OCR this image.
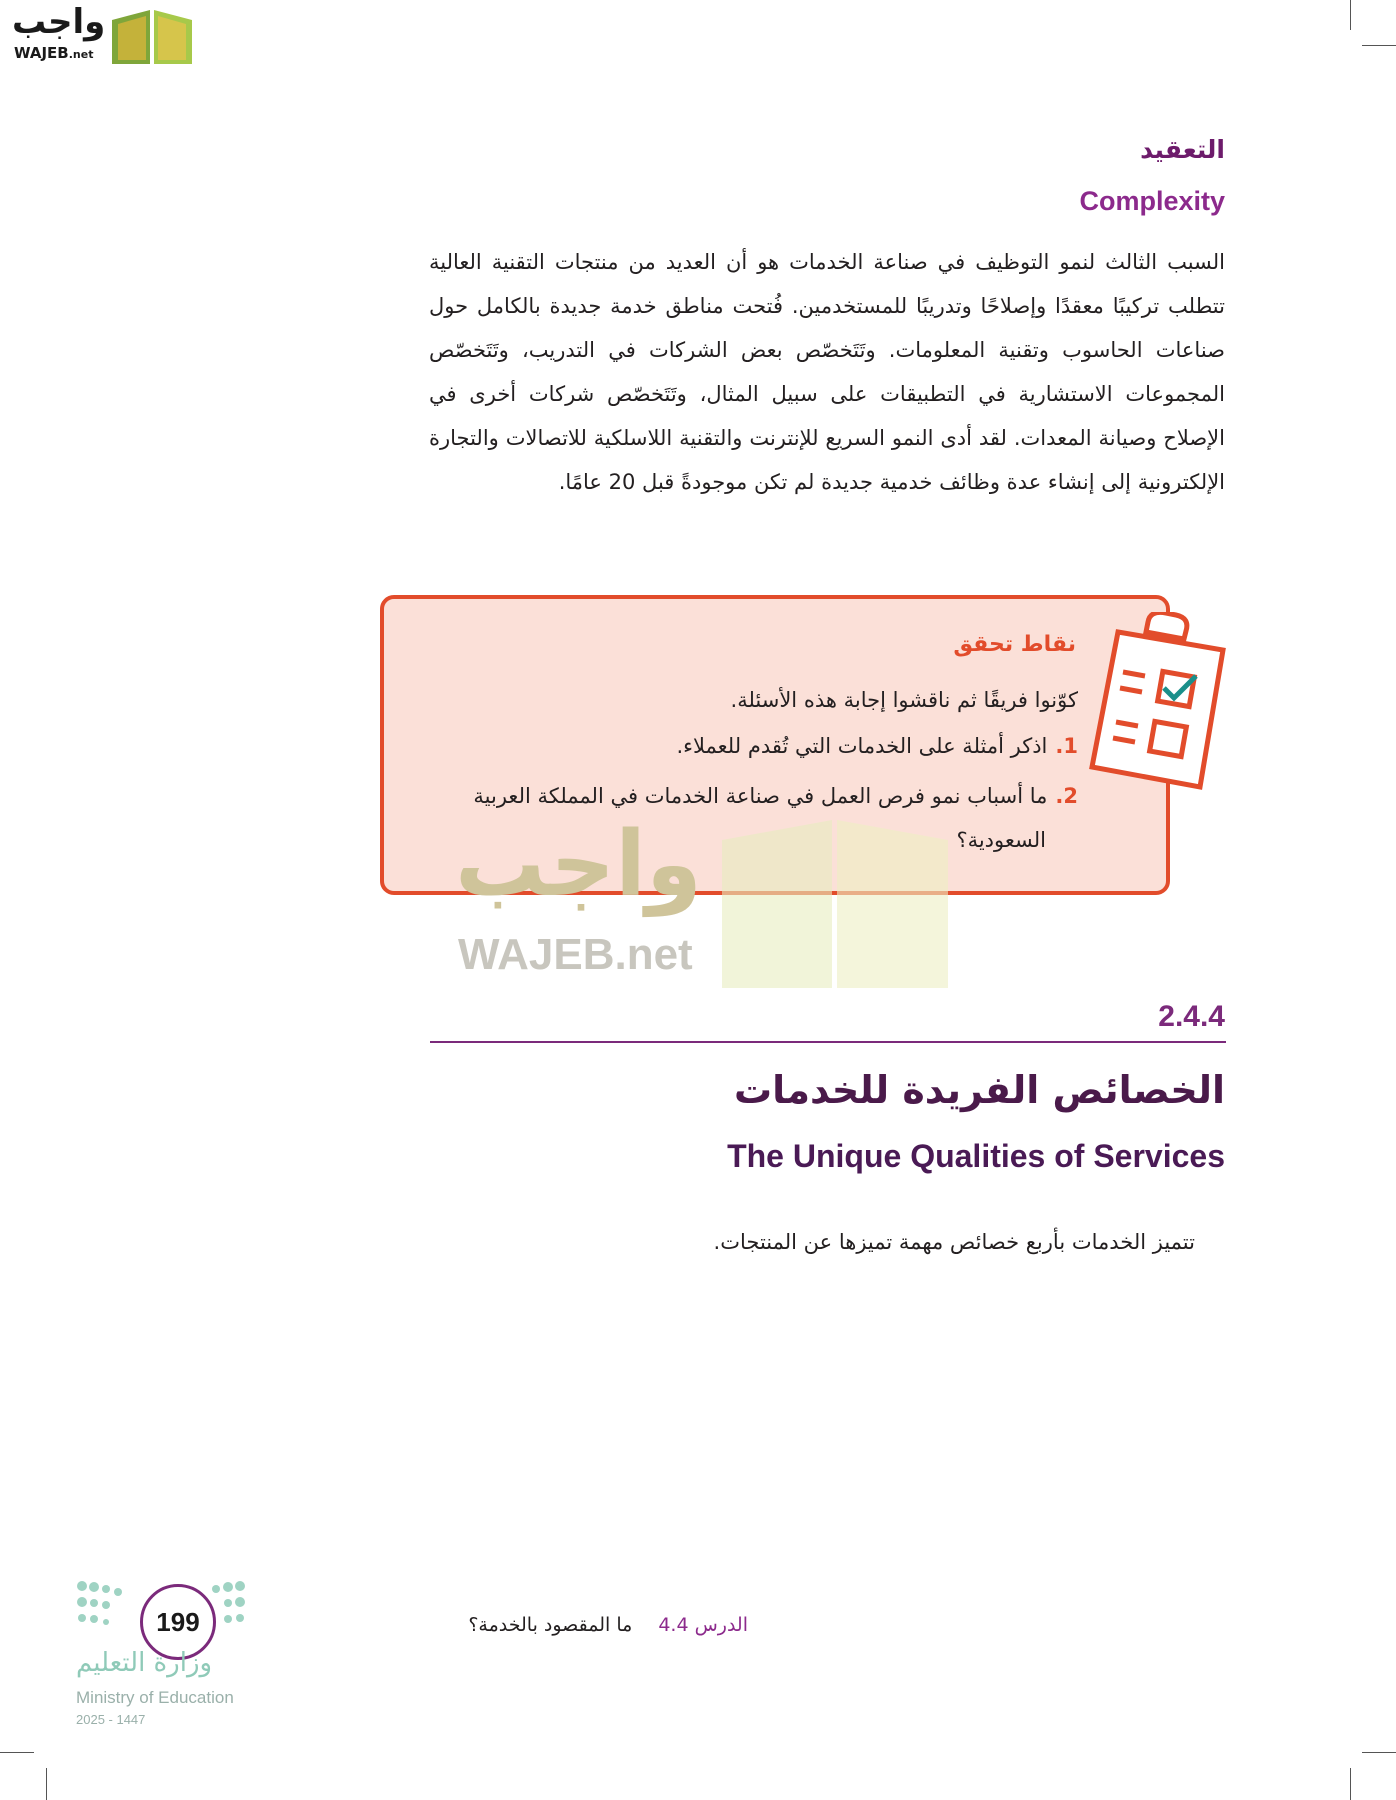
واجب
WAJEB.net
التعقيد
Complexity
السبب الثالث لنمو التوظيف في صناعة الخدمات هو أن العديد من منتجات التقنية العالية تتطلب تركيبًا معقدًا وإصلاحًا وتدريبًا للمستخدمين. فُتحت مناطق خدمة جديدة بالكامل حول صناعات الحاسوب وتقنية المعلومات. وتَتَخصّص بعض الشركات في التدريب، وتَتَخصّص المجموعات الاستشارية في التطبيقات على سبيل المثال، وتَتَخصّص شركات أخرى في الإصلاح وصيانة المعدات. لقد أدى النمو السريع للإنترنت والتقنية اللاسلكية للاتصالات والتجارة الإلكترونية إلى إنشاء عدة وظائف خدمية جديدة لم تكن موجودةً قبل 20 عامًا.
واجب
WAJEB.net
نقاط تحقق
كوّنوا فريقًا ثم ناقشوا إجابة هذه الأسئلة.
1.اذكر أمثلة على الخدمات التي تُقدم للعملاء.
2.ما أسباب نمو فرص العمل في صناعة الخدمات في المملكة العربية
السعودية؟
2.4.4
الخصائص الفريدة للخدمات
The Unique Qualities of Services
تتميز الخدمات بأربع خصائص مهمة تميزها عن المنتجات.
199
وزارة التعليم
Ministry of Education
2025 - 1447
الدرس 4.4ما المقصود بالخدمة؟
